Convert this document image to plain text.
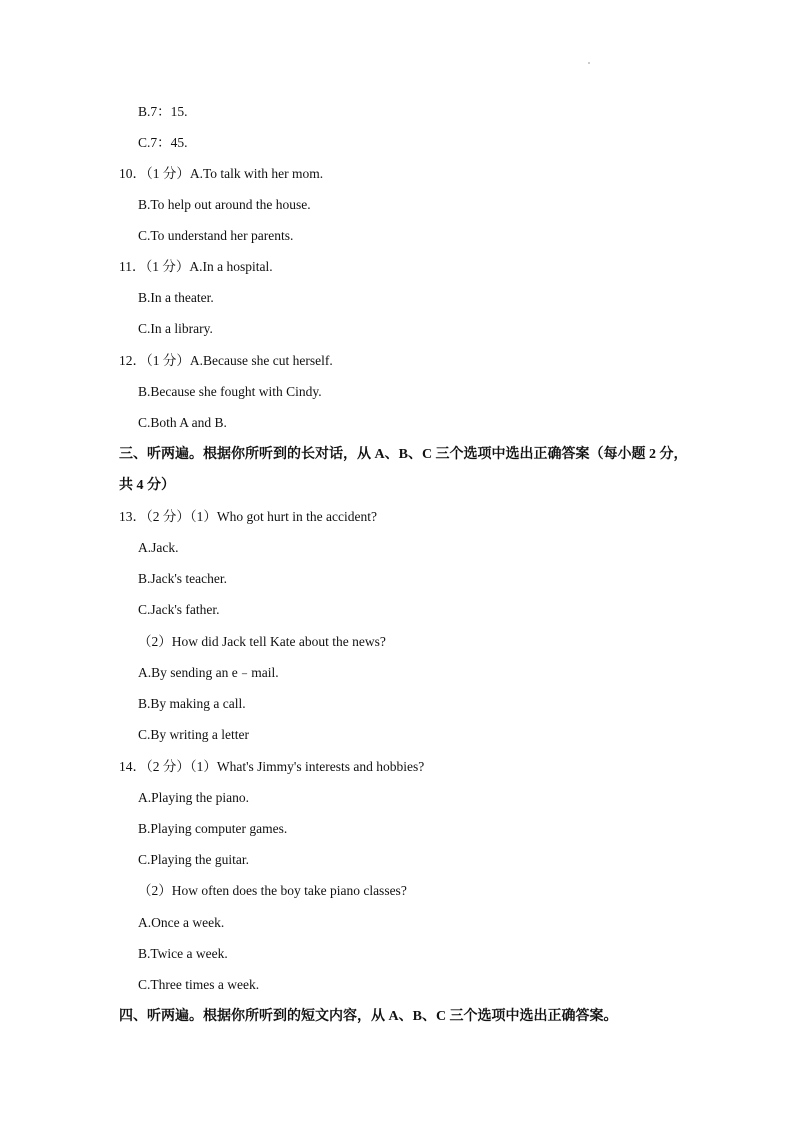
B.7：15.
C.7：45.
10．（1 分）A.To talk with her mom.
B.To help out around the house.
C.To understand her parents.
11．（1 分）A.In a hospital.
B.In a theater.
C.In a library.
12．（1 分）A.Because she cut herself.
B.Because she fought with Cindy.
C.Both A and B.
三、听两遍。根据你所听到的长对话，从 A、B、C 三个选项中选出正确答案（每小题 2 分，
共 4 分）
13．（2 分）（1）Who got hurt in the accident?
A.Jack.
B.Jack's teacher.
C.Jack's father.
（2）How did Jack tell Kate about the news?
A.By sending an e﹣mail.
B.By making a call.
C.By writing a letter
14．（2 分）（1）What's Jimmy's interests and hobbies?
A.Playing the piano.
B.Playing computer games.
C.Playing the guitar.
（2）How often does the boy take piano classes?
A.Once a week.
B.Twice a week.
C.Three times a week.
四、听两遍。根据你所听到的短文内容，从 A、B、C 三个选项中选出正确答案。
